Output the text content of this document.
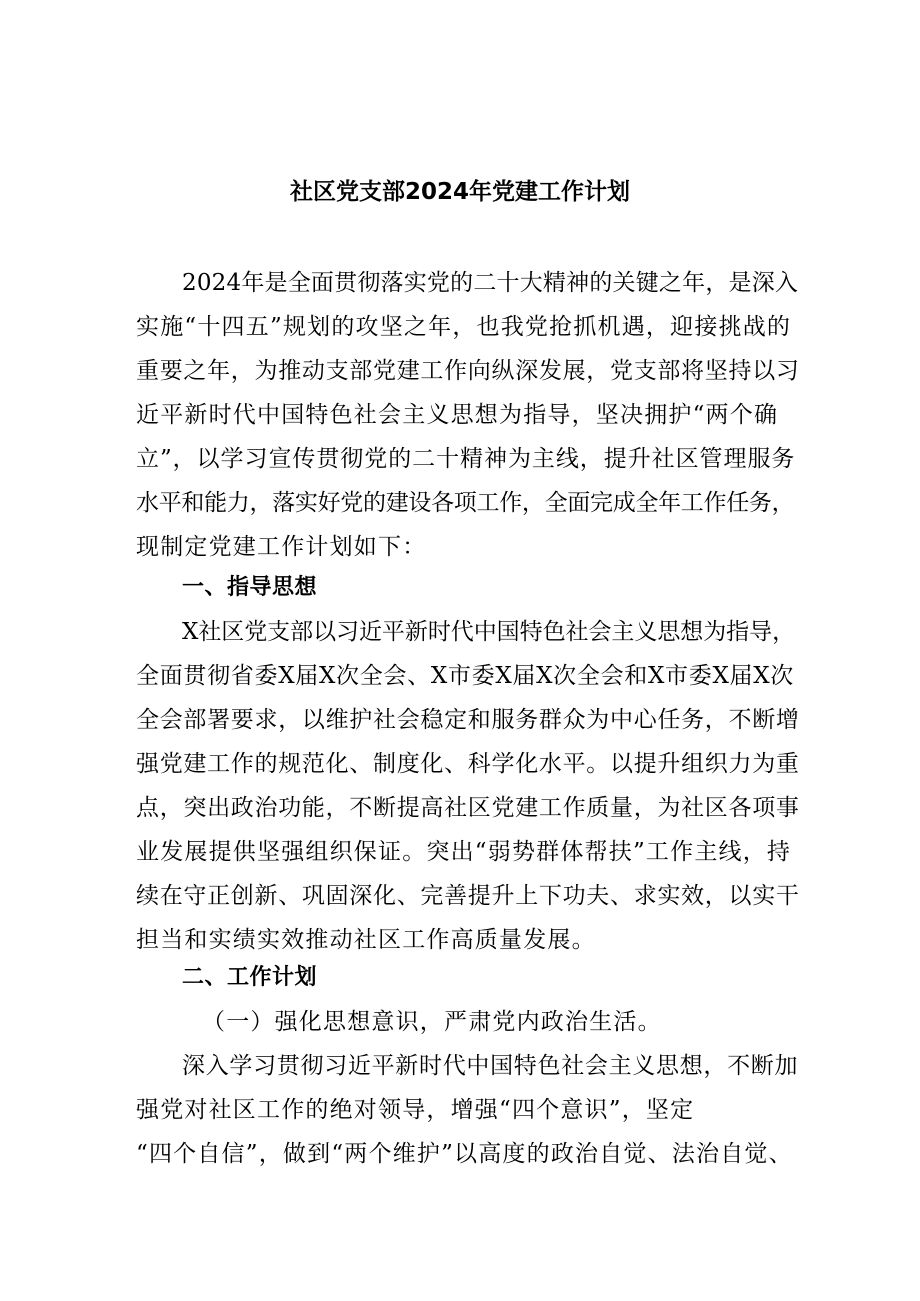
社区党支部2024年党建工作计划
2024年是全面贯彻落实党的二十大精神的关键之年，是深入
实施“十四五”规划的攻坚之年，也我党抢抓机遇，迎接挑战的
重要之年，为推动支部党建工作向纵深发展，党支部将坚持以习
近平新时代中国特色社会主义思想为指导，坚决拥护“两个确
立”，以学习宣传贯彻党的二十精神为主线，提升社区管理服务
水平和能力，落实好党的建设各项工作，全面完成全年工作任务，
现制定党建工作计划如下：
一、指导思想
X社区党支部以习近平新时代中国特色社会主义思想为指导，
全面贯彻省委X届X次全会、X市委X届X次全会和X市委X届X次
全会部署要求，以维护社会稳定和服务群众为中心任务，不断增
强党建工作的规范化、制度化、科学化水平。以提升组织力为重
点，突出政治功能，不断提高社区党建工作质量，为社区各项事
业发展提供坚强组织保证。突出“弱势群体帮扶”工作主线，持
续在守正创新、巩固深化、完善提升上下功夫、求实效，以实干
担当和实绩实效推动社区工作高质量发展。
二、工作计划
（一）强化思想意识，严肃党内政治生活。
深入学习贯彻习近平新时代中国特色社会主义思想，不断加
强党对社区工作的绝对领导，增强“四个意识”，坚定
“四个自信”，做到“两个维护”以高度的政治自觉、法治自觉、
